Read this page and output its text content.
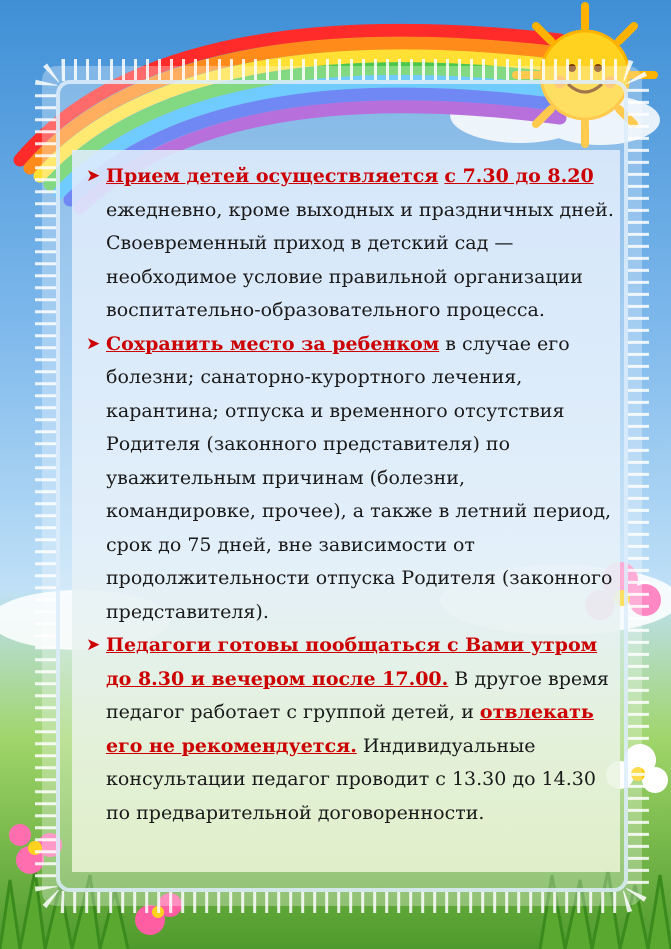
➤ Прием детей осуществляется с 7.30 до 8.20 ежедневно, кроме выходных и праздничных дней. Своевременный приход в детский сад — необходимое условие правильной организации воспитательно-образовательного процесса.

➤ Сохранить место за ребенком в случае его болезни; санаторно-курортного лечения, карантина; отпуска и временного отсутствия Родителя (законного представителя) по уважительным причинам (болезни, командировке, прочее), а также в летний период, срок до 75 дней, вне зависимости от продолжительности отпуска Родителя (законного представителя).

➤ Педагоги готовы пообщаться с Вами утром до 8.30 и вечером после 17.00. В другое время педагог работает с группой детей, и отвлекать его не рекомендуется. Индивидуальные консультации педагог проводит с 13.30 до 14.30 по предварительной договоренности.
